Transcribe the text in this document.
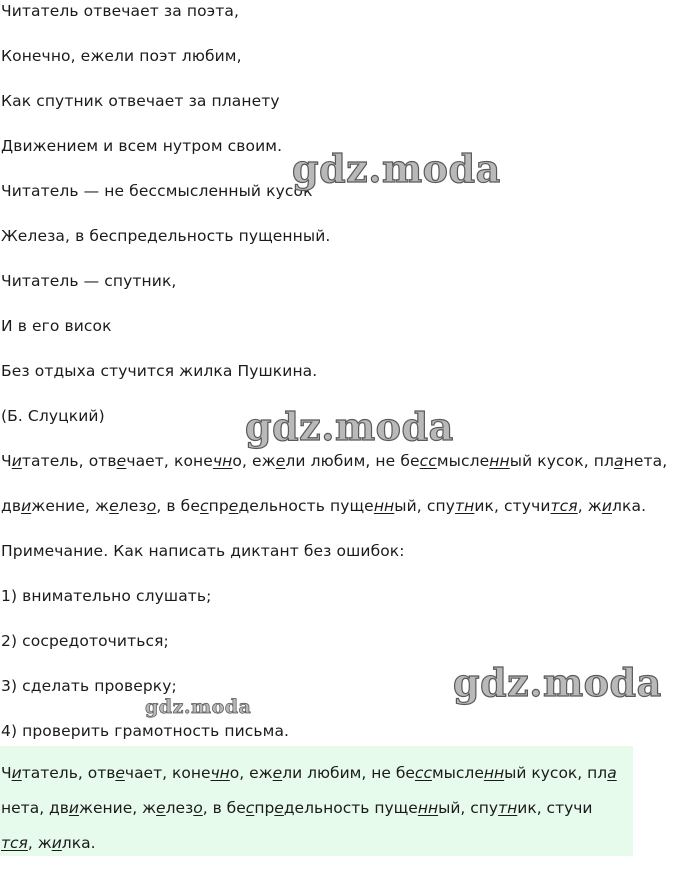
Читатель отвечает за поэта,
Конечно, ежели поэт любим,
Как спутник отвечает за планету
Движением и всем нутром своим.
Читатель — не бессмысленный кусок
Железа, в беспредельность пущенный.
Читатель — спутник,
И в его висок
Без отдыха стучится жилка Пушкина.
(Б. Слуцкий)
Читатель, отвечает, конечно, ежели любим, не бессмысленный кусок, планета,
движение, железо, в беспредельность пущенный, спутник, стучится, жилка.
Примечание. Как написать диктант без ошибок:
1) внимательно слушать;
2) сосредоточиться;
3) сделать проверку;
4) проверить грамотность письма.
Читатель, отвечает, конечно, ежели любим, не бессмысленный кусок, пла
нета, движение, железо, в беспредельность пущенный, спутник, стучи
тся, жилка.
gdz.moda
gdz.moda
gdz.moda
gdz.moda
